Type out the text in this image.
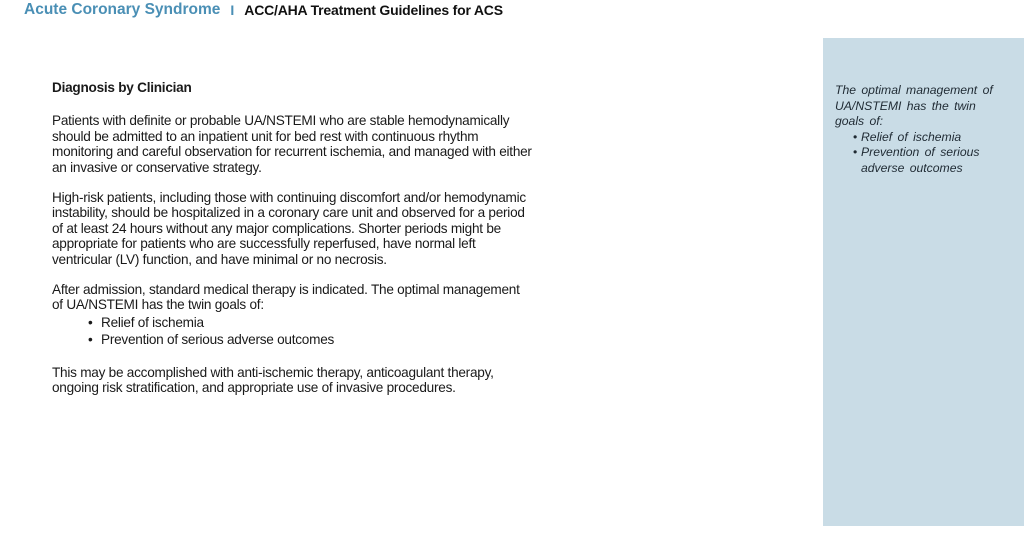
Acute Coronary Syndrome I ACC/AHA Treatment Guidelines for ACS

Diagnosis by Clinician

Patients with definite or probable UA/NSTEMI who are stable hemodynamically should be admitted to an inpatient unit for bed rest with continuous rhythm monitoring and careful observation for recurrent ischemia, and managed with either an invasive or conservative strategy.

High-risk patients, including those with continuing discomfort and/or hemodynamic instability, should be hospitalized in a coronary care unit and observed for a period of at least 24 hours without any major complications. Shorter periods might be appropriate for patients who are successfully reperfused, have normal left ventricular (LV) function, and have minimal or no necrosis.

After admission, standard medical therapy is indicated. The optimal management of UA/NSTEMI has the twin goals of:

• Relief of ischemia
• Prevention of serious adverse outcomes

This may be accomplished with anti-ischemic therapy, anticoagulant therapy, ongoing risk stratification, and appropriate use of invasive procedures.

The optimal management of UA/NSTEMI has the twin goals of:
• Relief of ischemia
• Prevention of serious adverse outcomes
